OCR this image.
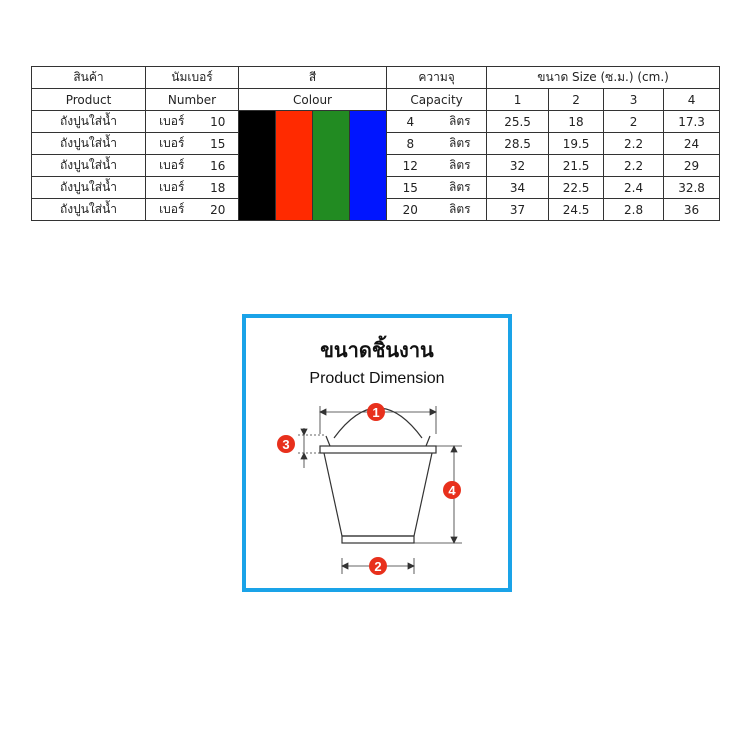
สินค้า	นัมเบอร์		สี				ความจุ		ขนาด Size (ซ.ม.) (cm.)			
Product	Number		Colour				Capacity		1	2	3	4
ถังปูนใส่น้ำ	เบอร์	10					4	ลิตร	25.5	18	2	17.3
ถังปูนใส่น้ำ	เบอร์	15					8	ลิตร	28.5	19.5	2.2	24
ถังปูนใส่น้ำ	เบอร์	16					12	ลิตร	32	21.5	2.2	29
ถังปูนใส่น้ำ	เบอร์	18					15	ลิตร	34	22.5	2.4	32.8
ถังปูนใส่น้ำ	เบอร์	20					20	ลิตร	37	24.5	2.8	36
ขนาดชิ้นงาน
Product Dimension
1
2
3
4
